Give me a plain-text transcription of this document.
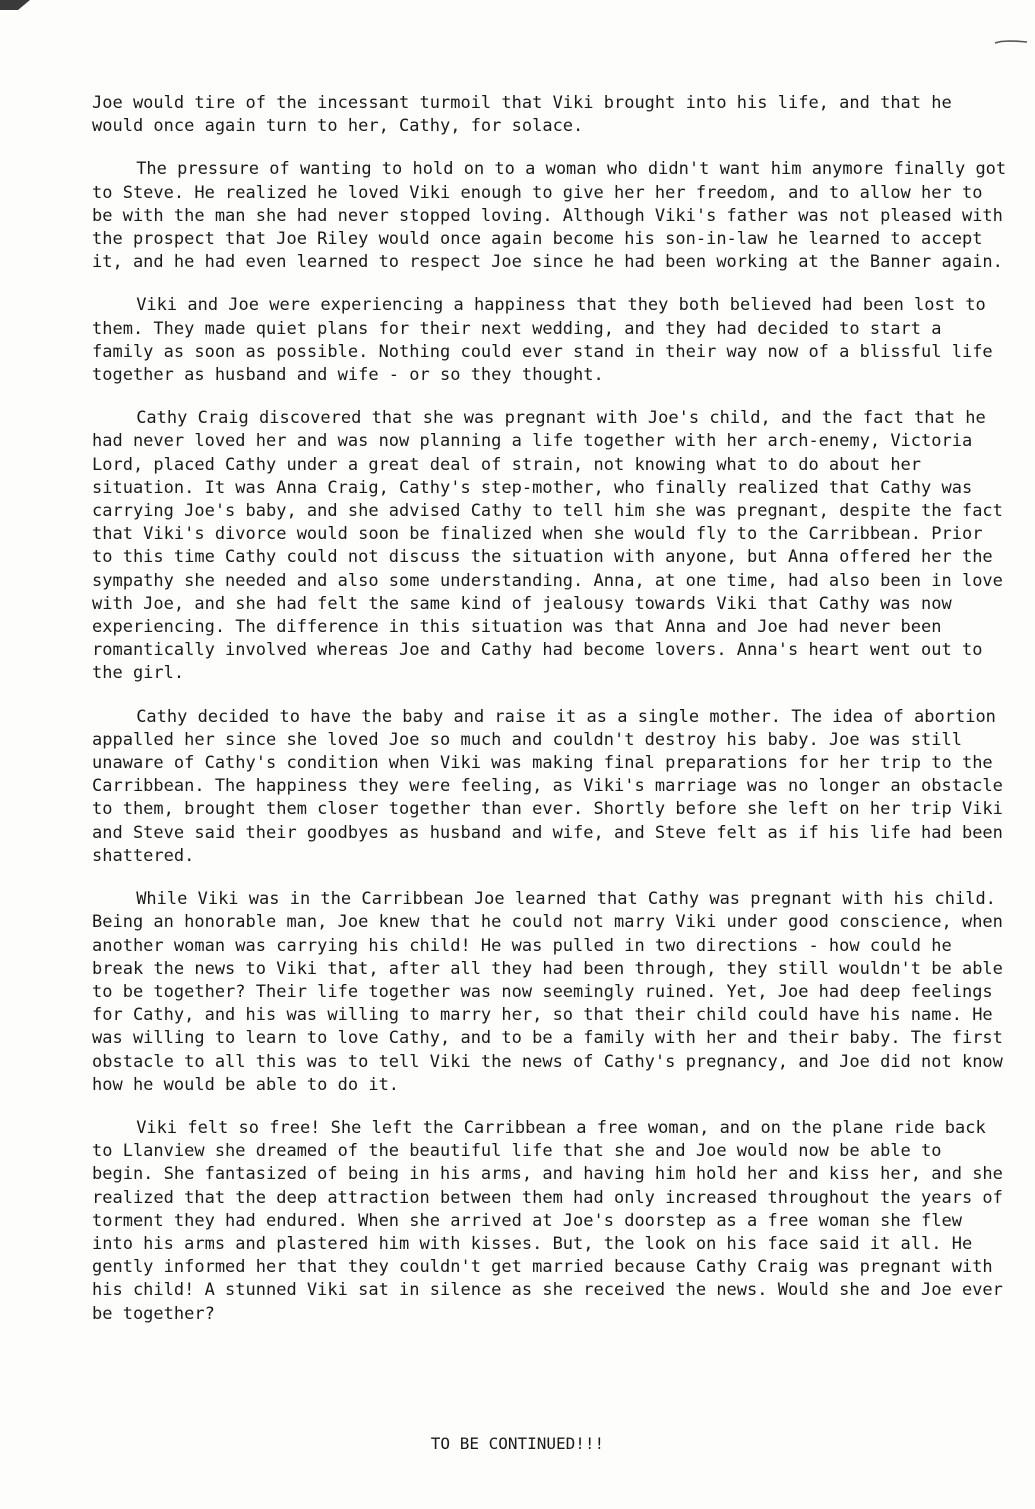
Joe would tire of the incessant turmoil that Viki brought into his life, and that he would once again turn to her, Cathy, for solace.

The pressure of wanting to hold on to a woman who didn't want him anymore finally got to Steve. He realized he loved Viki enough to give her her freedom, and to allow her to be with the man she had never stopped loving. Although Viki's father was not pleased with the prospect that Joe Riley would once again become his son-in-law he learned to accept it, and he had even learned to respect Joe since he had been working at the Banner again.

Viki and Joe were experiencing a happiness that they both believed had been lost to them. They made quiet plans for their next wedding, and they had decided to start a family as soon as possible. Nothing could ever stand in their way now of a blissful life together as husband and wife - or so they thought.

Cathy Craig discovered that she was pregnant with Joe's child, and the fact that he had never loved her and was now planning a life together with her arch-enemy, Victoria Lord, placed Cathy under a great deal of strain, not knowing what to do about her situation. It was Anna Craig, Cathy's step-mother, who finally realized that Cathy was carrying Joe's baby, and she advised Cathy to tell him she was pregnant, despite the fact that Viki's divorce would soon be finalized when she would fly to the Carribbean. Prior to this time Cathy could not discuss the situation with anyone, but Anna offered her the sympathy she needed and also some understanding. Anna, at one time, had also been in love with Joe, and she had felt the same kind of jealousy towards Viki that Cathy was now experiencing. The difference in this situation was that Anna and Joe had never been romantically involved whereas Joe and Cathy had become lovers. Anna's heart went out to the girl.

Cathy decided to have the baby and raise it as a single mother. The idea of abortion appalled her since she loved Joe so much and couldn't destroy his baby. Joe was still unaware of Cathy's condition when Viki was making final preparations for her trip to the Carribbean. The happiness they were feeling, as Viki's marriage was no longer an obstacle to them, brought them closer together than ever. Shortly before she left on her trip Viki and Steve said their goodbyes as husband and wife, and Steve felt as if his life had been shattered.

While Viki was in the Carribbean Joe learned that Cathy was pregnant with his child. Being an honorable man, Joe knew that he could not marry Viki under good conscience, when another woman was carrying his child! He was pulled in two directions - how could he break the news to Viki that, after all they had been through, they still wouldn't be able to be together? Their life together was now seemingly ruined. Yet, Joe had deep feelings for Cathy, and his was willing to marry her, so that their child could have his name. He was willing to learn to love Cathy, and to be a family with her and their baby. The first obstacle to all this was to tell Viki the news of Cathy's pregnancy, and Joe did not know how he would be able to do it.

Viki felt so free! She left the Carribbean a free woman, and on the plane ride back to Llanview she dreamed of the beautiful life that she and Joe would now be able to begin. She fantasized of being in his arms, and having him hold her and kiss her, and she realized that the deep attraction between them had only increased throughout the years of torment they had endured. When she arrived at Joe's doorstep as a free woman she flew into his arms and plastered him with kisses. But, the look on his face said it all. He gently informed her that they couldn't get married because Cathy Craig was pregnant with his child! A stunned Viki sat in silence as she received the news. Would she and Joe ever be together?

TO BE CONTINUED!!!
